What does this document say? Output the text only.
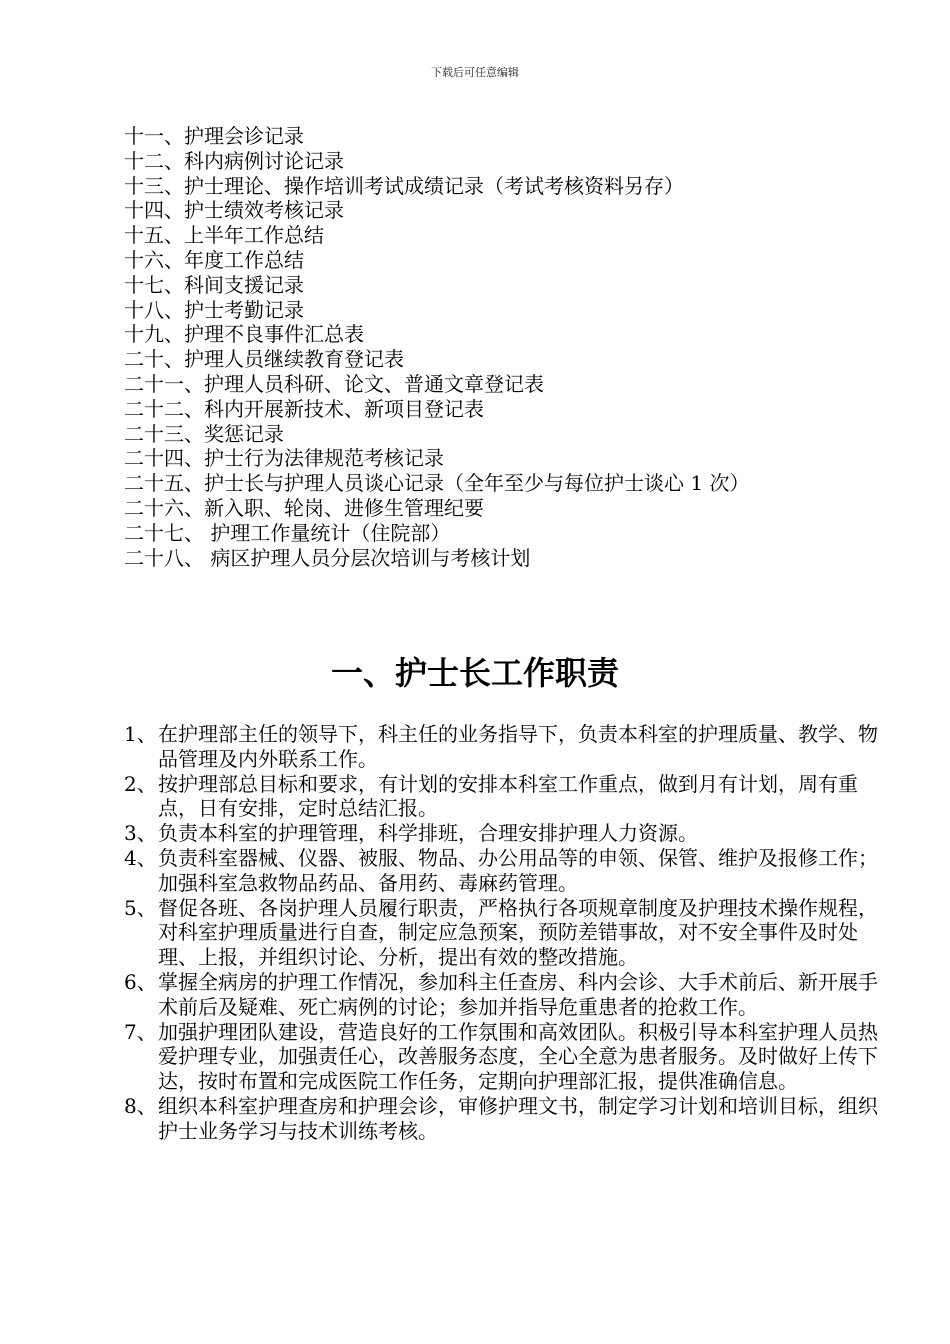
下载后可任意编辑
十一、护理会诊记录
十二、科内病例讨论记录
十三、护士理论、操作培训考试成绩记录（考试考核资料另存）
十四、护士绩效考核记录
十五、上半年工作总结
十六、年度工作总结
十七、科间支援记录
十八、护士考勤记录
十九、护理不良事件汇总表
二十、护理人员继续教育登记表
二十一、护理人员科研、论文、普通文章登记表
二十二、科内开展新技术、新项目登记表
二十三、奖惩记录
二十四、护士行为法律规范考核记录
二十五、护士长与护理人员谈心记录（全年至少与每位护士谈心 1 次）
二十六、新入职、轮岗、进修生管理纪要
二十七、 护理工作量统计（住院部）
二十八、 病区护理人员分层次培训与考核计划
一、护士长工作职责
1、 在护理部主任的领导下，科主任的业务指导下，负责本科室的护理质量、教学、物品管理及内外联系工作。
2、 按护理部总目标和要求，有计划的安排本科室工作重点，做到月有计划，周有重点，日有安排，定时总结汇报。
3、 负责本科室的护理管理，科学排班，合理安排护理人力资源。
4、 负责科室器械、仪器、被服、物品、办公用品等的申领、保管、维护及报修工作；加强科室急救物品药品、备用药、毒麻药管理。
5、 督促各班、各岗护理人员履行职责，严格执行各项规章制度及护理技术操作规程，对科室护理质量进行自查，制定应急预案，预防差错事故，对不安全事件及时处理、上报，并组织讨论、分析，提出有效的整改措施。
6、 掌握全病房的护理工作情况，参加科主任查房、科内会诊、大手术前后、新开展手术前后及疑难、死亡病例的讨论；参加并指导危重患者的抢救工作。
7、 加强护理团队建设，营造良好的工作氛围和高效团队。积极引导本科室护理人员热爱护理专业，加强责任心，改善服务态度，全心全意为患者服务。及时做好上传下达，按时布置和完成医院工作任务，定期向护理部汇报，提供准确信息。
8、 组织本科室护理查房和护理会诊，审修护理文书，制定学习计划和培训目标，组织护士业务学习与技术训练考核。
